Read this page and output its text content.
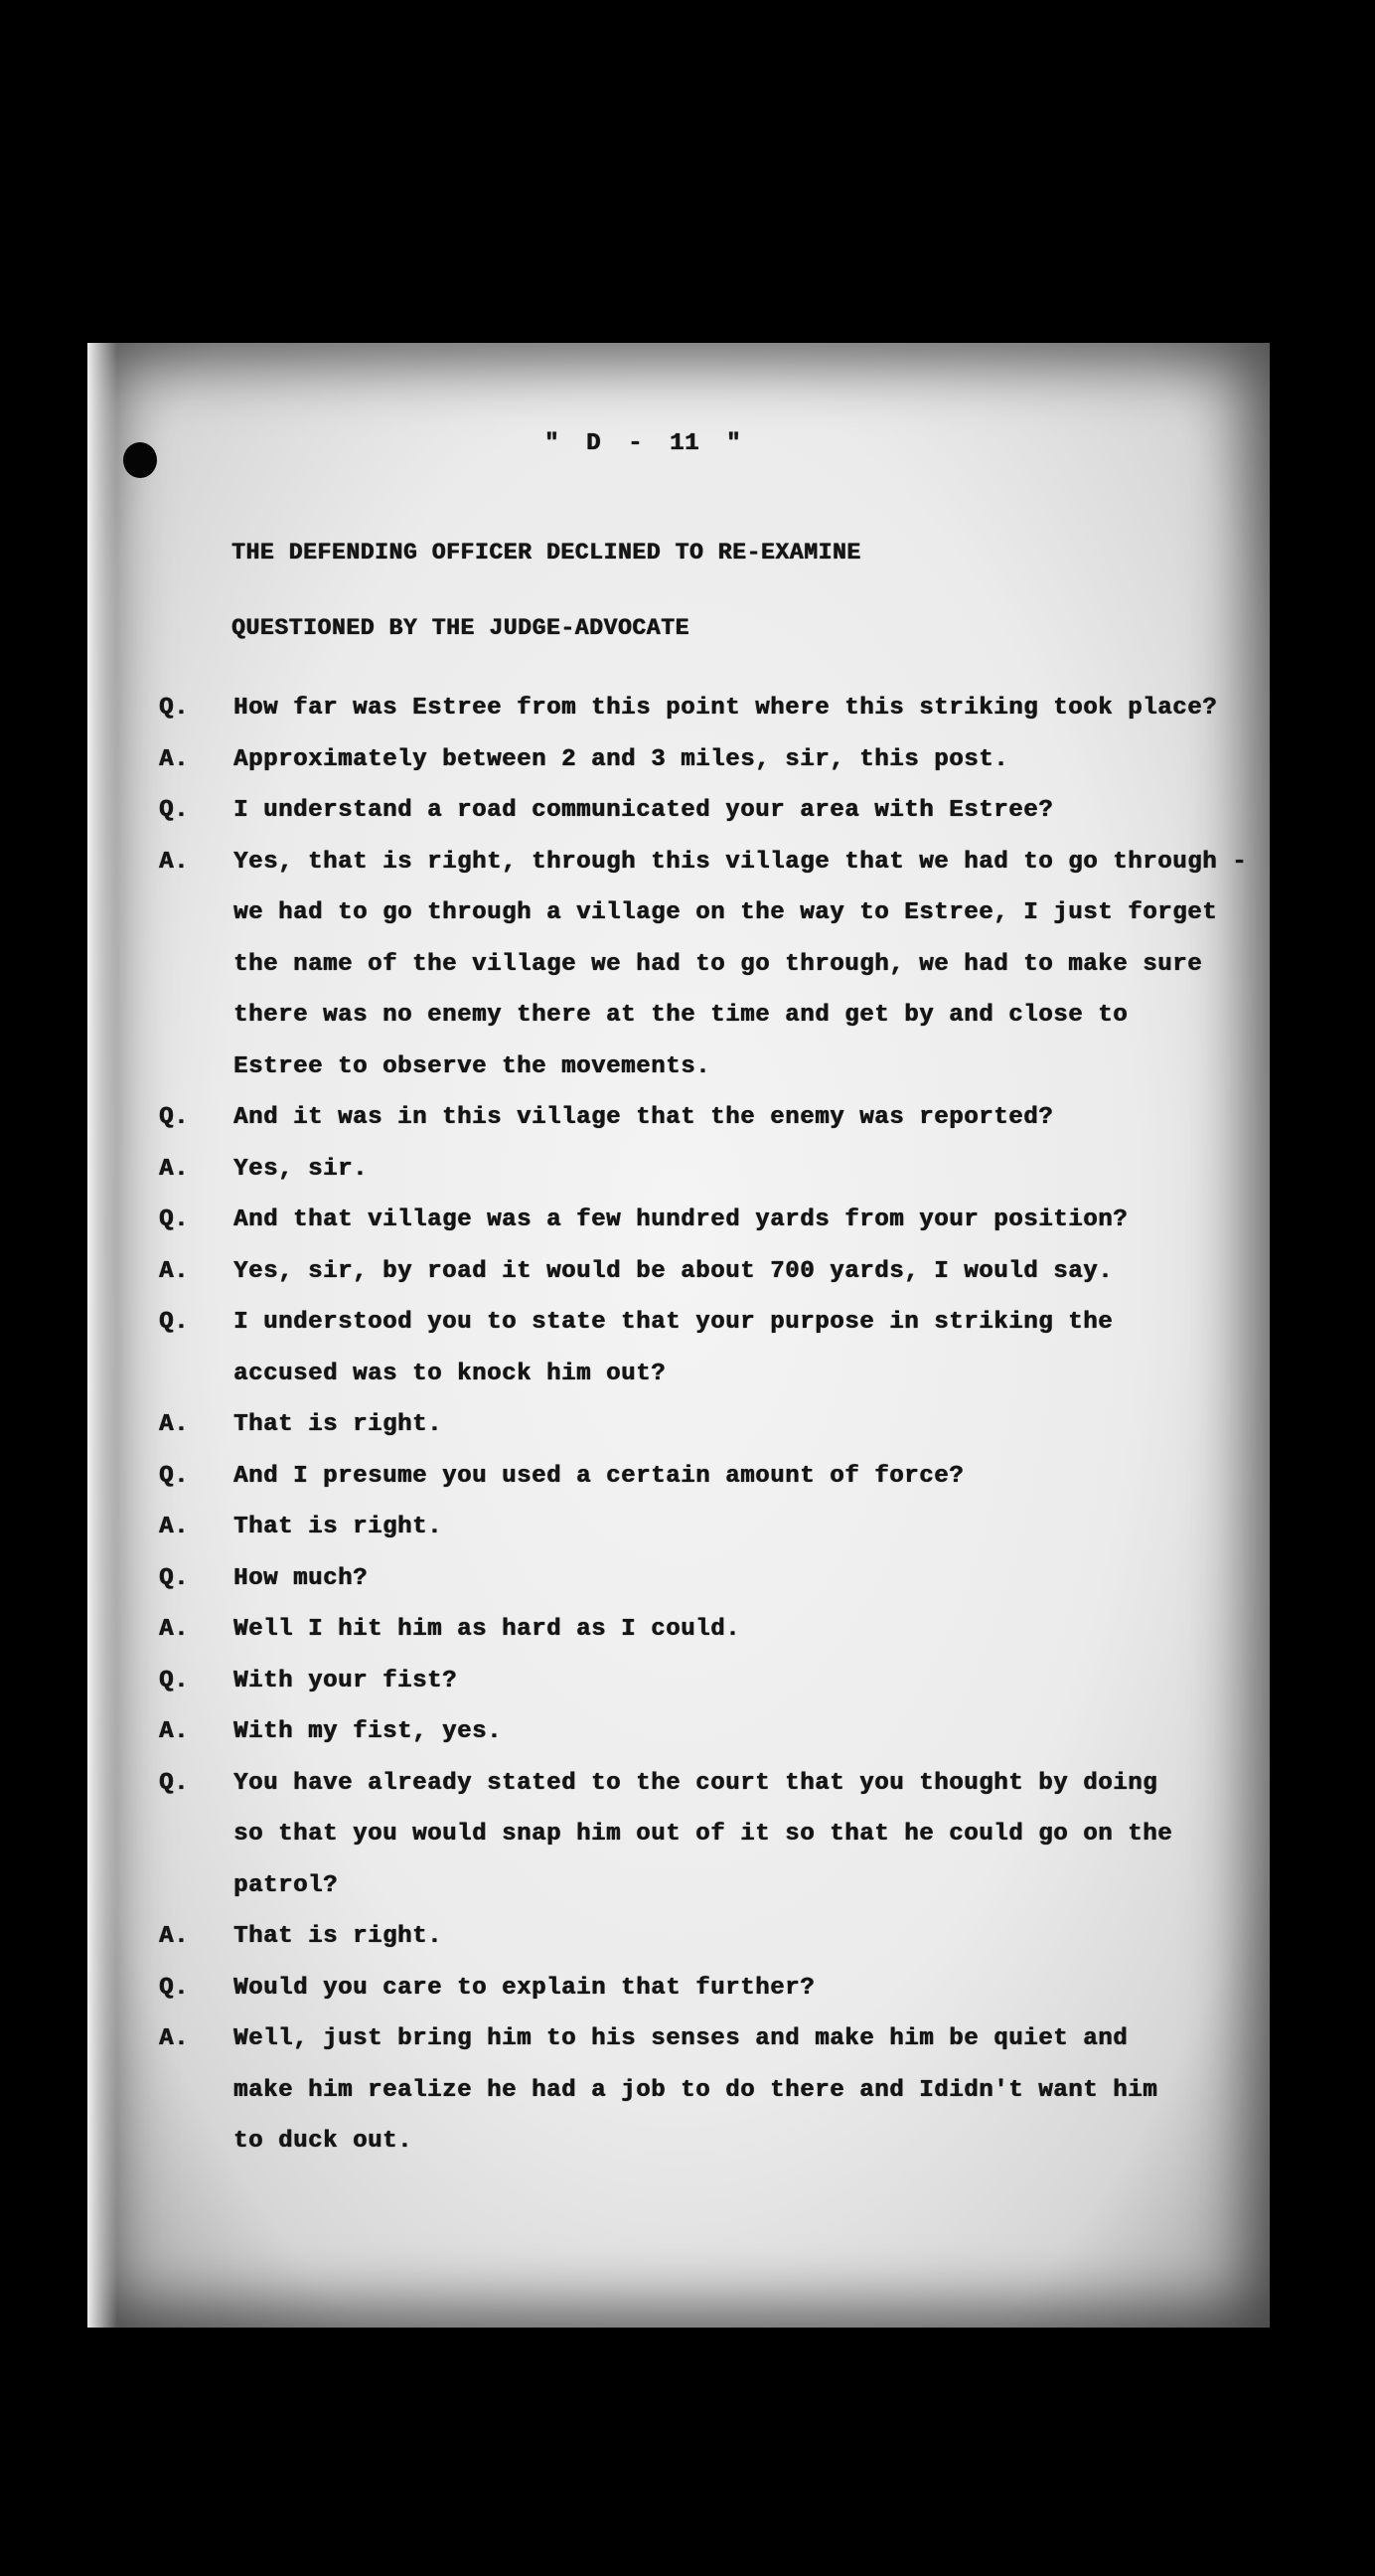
" D - 11 "
THE DEFENDING OFFICER DECLINED TO RE-EXAMINE
QUESTIONED BY THE JUDGE-ADVOCATE
Q.	How far was Estree from this point where this striking took place?
A.	Approximately between 2 and 3 miles, sir, this post.
Q.	I understand a road communicated your area with Estree?
A.	Yes, that is right, through this village that we had to go through -
we had to go through a village on the way to Estree, I just forget
the name of the village we had to go through, we had to make sure
there was no enemy there at the time and get by and close to
Estree to observe the movements.
Q.	And it was in this village that the enemy was reported?
A.	Yes, sir.
Q.	And that village was a few hundred yards from your position?
A.	Yes, sir, by road it would be about 700 yards, I would say.
Q.	I understood you to state that your purpose in striking the
accused was to knock him out?
A.	That is right.
Q.	And I presume you used a certain amount of force?
A.	That is right.
Q.	How much?
A.	Well I hit him as hard as I could.
Q.	With your fist?
A.	With my fist, yes.
Q.	You have already stated to the court that you thought by doing
so that you would snap him out of it so that he could go on the
patrol?
A.	That is right.
Q.	Would you care to explain that further?
A.	Well, just bring him to his senses and make him be quiet and
make him realize he had a job to do there and Ididn't want him
to duck out.
